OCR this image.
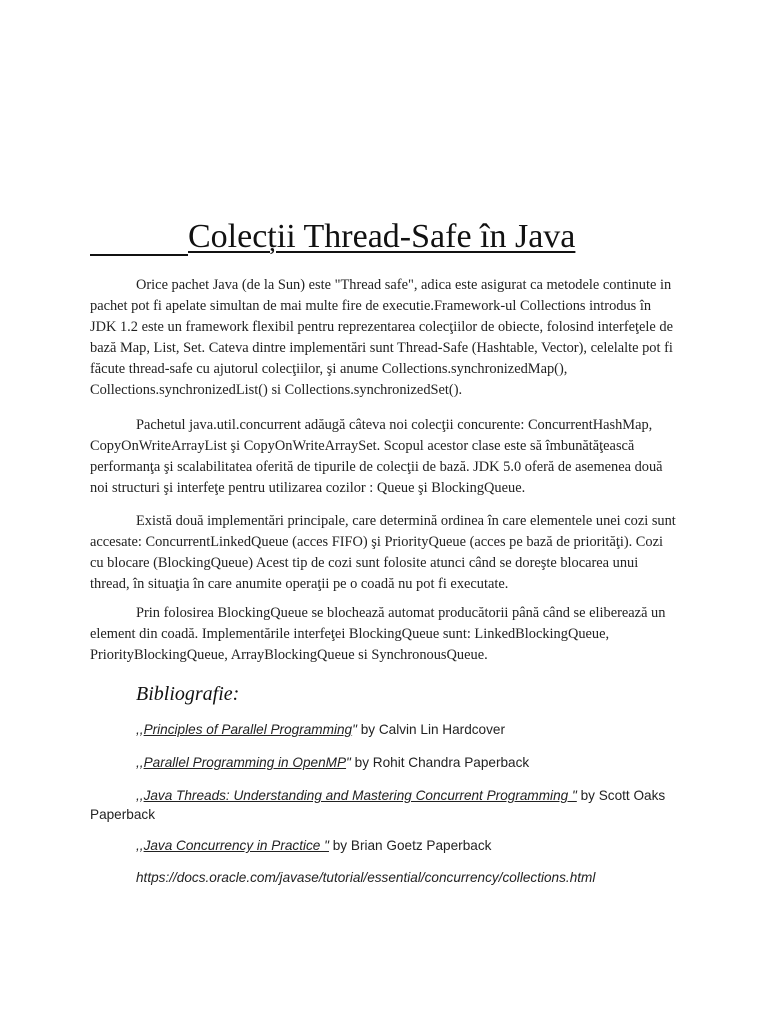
Colecții Thread-Safe în Java

Orice pachet Java (de la Sun) este "Thread safe", adica este asigurat ca metodele continute in pachet pot fi apelate simultan de mai multe fire de executie.Framework-ul Collections introdus în JDK 1.2 este un framework flexibil pentru reprezentarea colecţiilor de obiecte, folosind interfeţele de bază Map, List, Set. Cateva dintre implementări sunt Thread-Safe (Hashtable, Vector), celelalte pot fi făcute thread-safe cu ajutorul colecţiilor, şi anume Collections.synchronizedMap(), Collections.synchronizedList() si Collections.synchronizedSet().

Pachetul java.util.concurrent adăugă câteva noi colecţii concurente: ConcurrentHashMap, CopyOnWriteArrayList şi CopyOnWriteArraySet. Scopul acestor clase este să îmbunătăţească performanţa şi scalabilitatea oferită de tipurile de colecţii de bază. JDK 5.0 oferă de asemenea două noi structuri şi interfeţe pentru utilizarea cozilor : Queue şi BlockingQueue.

Există două implementări principale, care determină ordinea în care elementele unei cozi sunt accesate: ConcurrentLinkedQueue (acces FIFO) şi PriorityQueue (acces pe bază de priorităţi). Cozi cu blocare (BlockingQueue) Acest tip de cozi sunt folosite atunci când se doreşte blocarea unui thread, în situaţia în care anumite operaţii pe o coadă nu pot fi executate.

Prin folosirea BlockingQueue se blochează automat producătorii până când se eliberează un element din coadă. Implementările interfeţei BlockingQueue sunt: LinkedBlockingQueue, PriorityBlockingQueue, ArrayBlockingQueue si SynchronousQueue.

Bibliografie:
,,Principles of Parallel Programming" by Calvin Lin Hardcover
,,Parallel Programming in OpenMP" by Rohit Chandra Paperback
,,Java Threads: Understanding and Mastering Concurrent Programming " by Scott Oaks Paperback
,,Java Concurrency in Practice " by Brian Goetz Paperback
https://docs.oracle.com/javase/tutorial/essential/concurrency/collections.html
